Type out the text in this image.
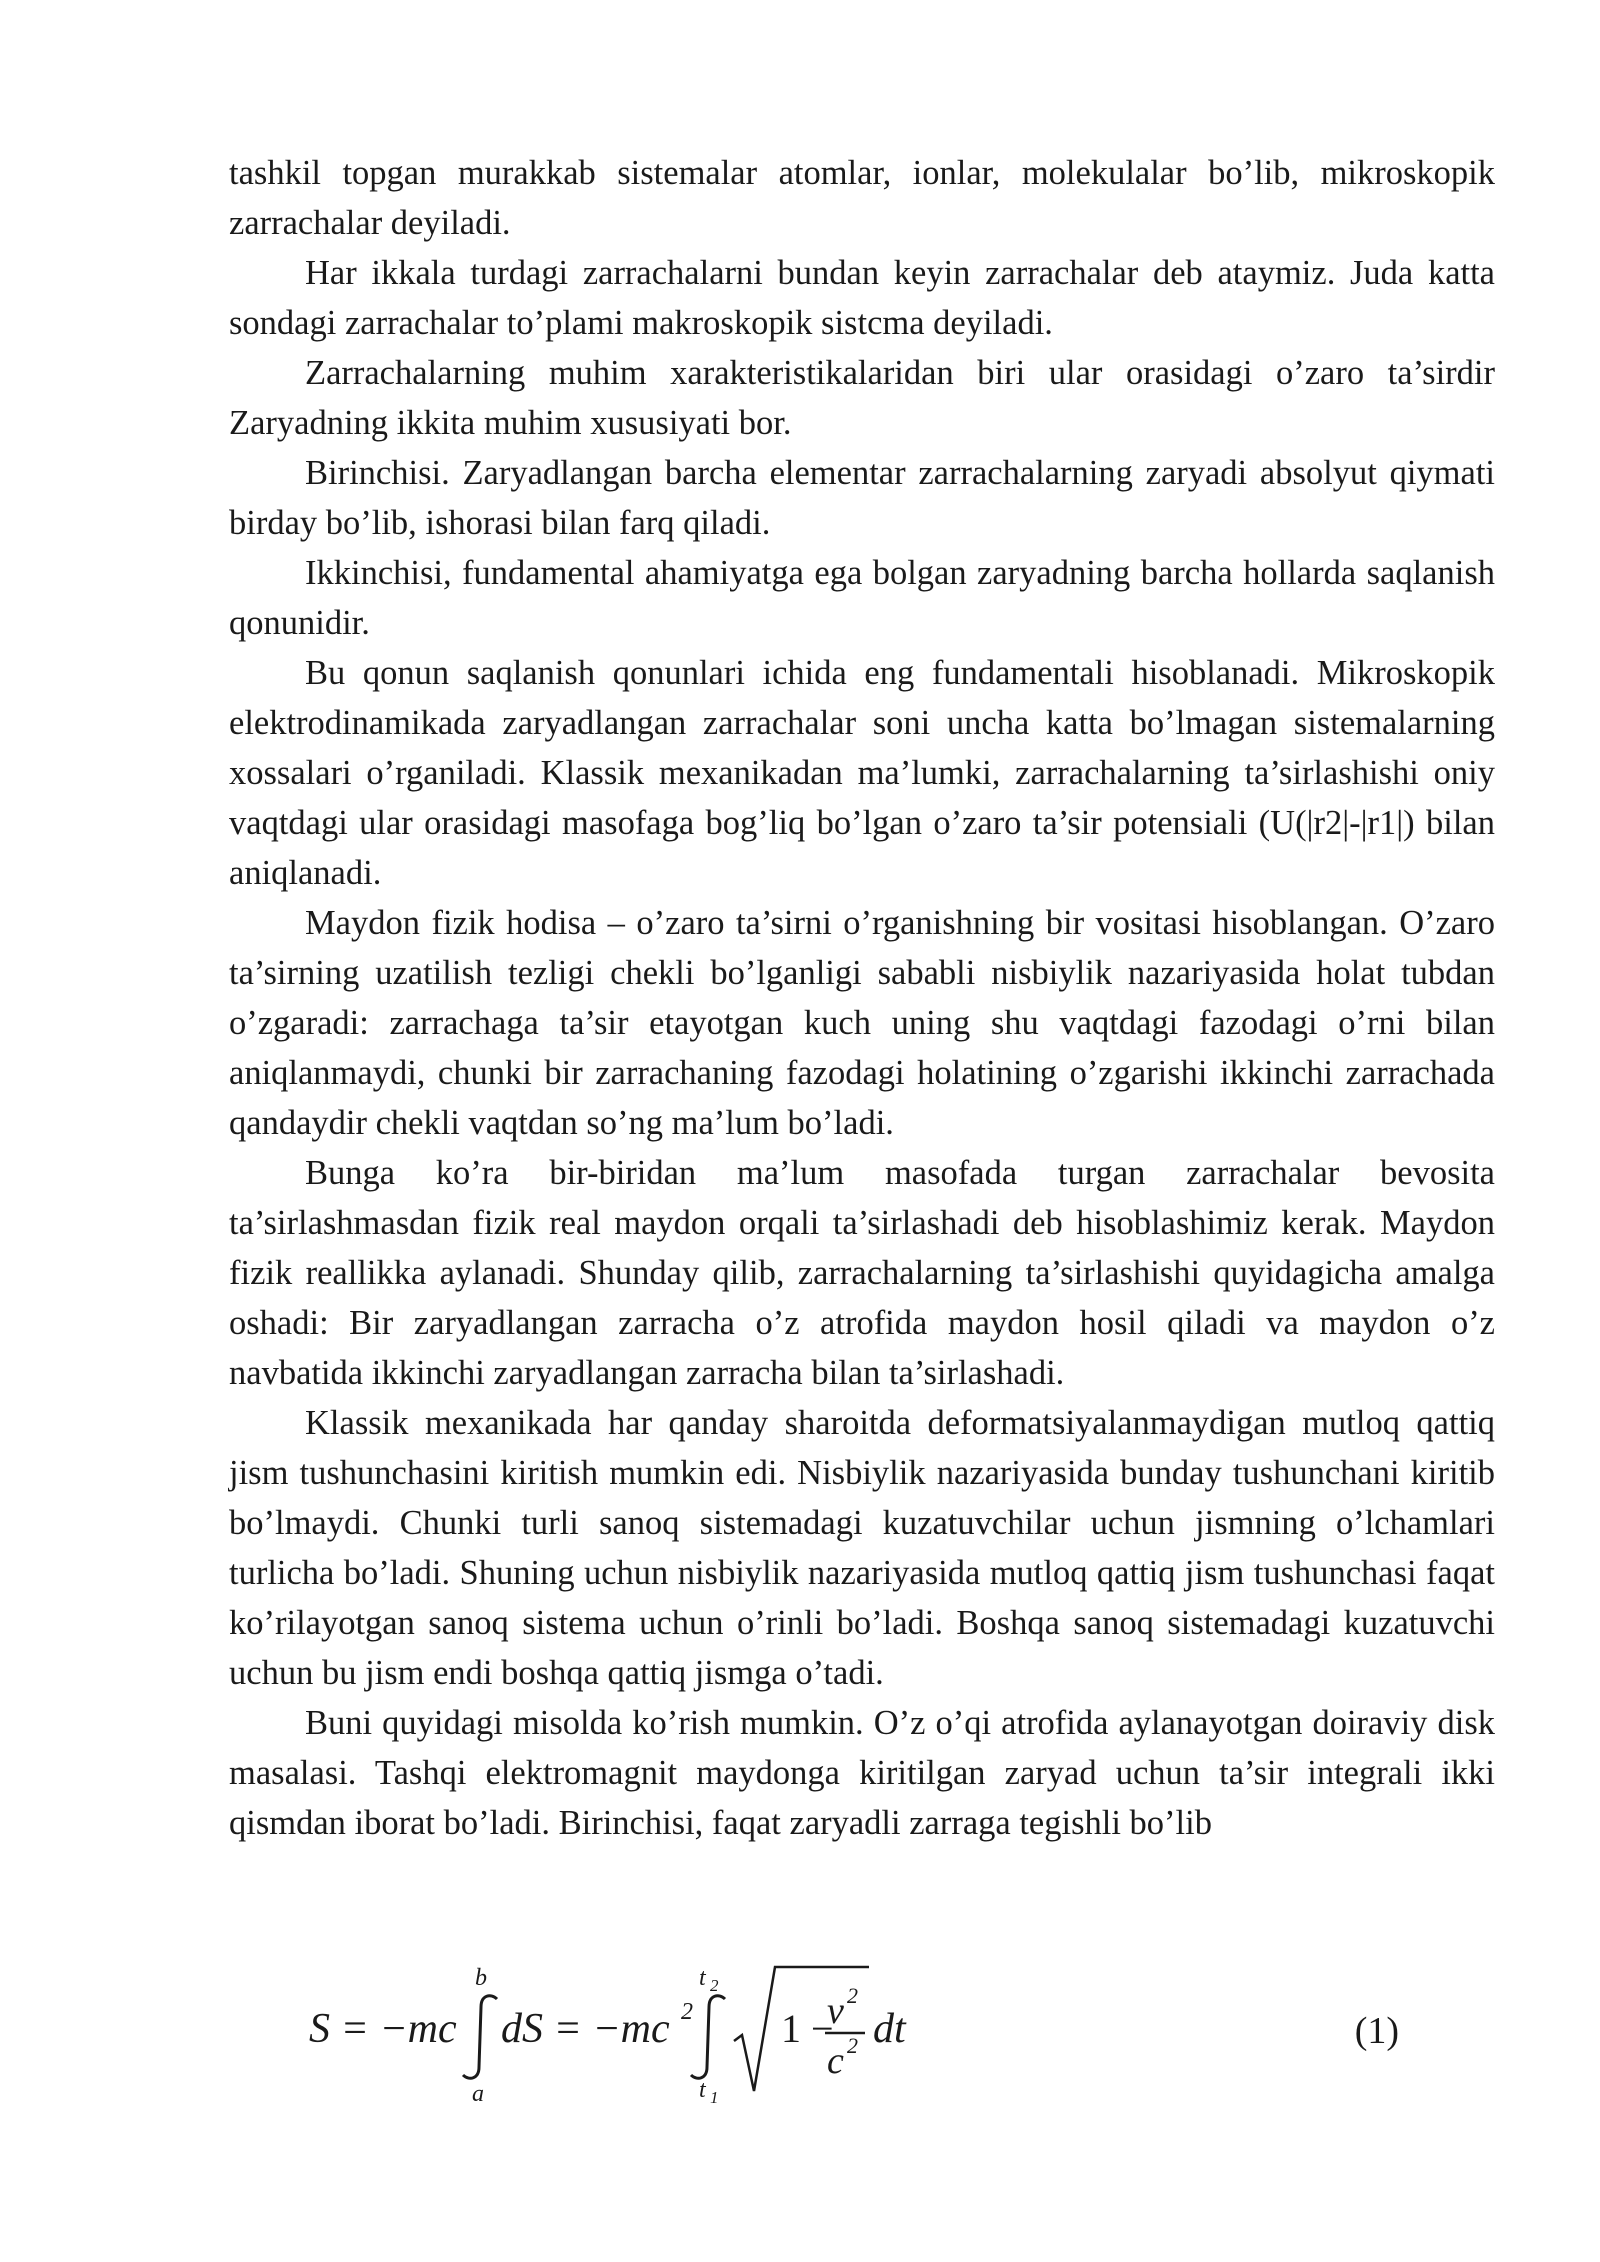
tashkil topgan murakkab sistemalar atomlar, ionlar, molekulalar bo’lib, mikroskopik zarrachalar deyiladi.

Har ikkala turdagi zarrachalarni bundan keyin zarrachalar deb ataymiz. Juda katta sondagi zarrachalar to’plami makroskopik sistcma deyiladi.

Zarrachalarning muhim xarakteristikalaridan biri ular orasidagi o’zaro ta’sirdir Zaryadning ikkita muhim xususiyati bor.

Birinchisi. Zaryadlangan barcha elementar zarrachalarning zaryadi absolyut qiymati birday bo’lib, ishorasi bilan farq qiladi.

Ikkinchisi, fundamental ahamiyatga ega bolgan zaryadning barcha hollarda saqlanish qonunidir.

Bu qonun saqlanish qonunlari ichida eng fundamentali hisoblanadi. Mikroskopik elektrodinamikada zaryadlangan zarrachalar soni uncha katta bo’lmagan sistemalarning xossalari o’rganiladi. Klassik mexanikadan ma’lumki, zarrachalarning ta’sirlashishi oniy vaqtdagi ular orasidagi masofaga bog’liq bo’lgan o’zaro ta’sir potensiali (U(|r2|-|r1|) bilan aniqlanadi.

Maydon fizik hodisa – o’zaro ta’sirni o’rganishning bir vositasi hisoblangan. O’zaro ta’sirning uzatilish tezligi chekli bo’lganligi sababli nisbiylik nazariyasida holat tubdan o’zgaradi: zarrachaga ta’sir etayotgan kuch uning shu vaqtdagi fazodagi o’rni bilan aniqlanmaydi, chunki bir zarrachaning fazodagi holatining o’zgarishi ikkinchi zarrachada qandaydir chekli vaqtdan so’ng ma’lum bo’ladi.

Bunga ko’ra bir-biridan ma’lum masofada turgan zarrachalar bevosita ta’sirlashmasdan fizik real maydon orqali ta’sirlashadi deb hisoblashimiz kerak. Maydon fizik reallikka aylanadi. Shunday qilib, zarrachalarning ta’sirlashishi quyidagicha amalga oshadi: Bir zaryadlangan zarracha o’z atrofida maydon hosil qiladi va maydon o’z navbatida ikkinchi zaryadlangan zarracha bilan ta’sirlashadi.

Klassik mexanikada har qanday sharoitda deformatsiyalanmaydigan mutloq qattiq jism tushunchasini kiritish mumkin edi. Nisbiylik nazariyasida bunday tushunchani kiritib bo’lmaydi. Chunki turli sanoq sistemadagi kuzatuvchilar uchun jismning o’lchamlari turlicha bo’ladi. Shuning uchun nisbiylik nazariyasida mutloq qattiq jism tushunchasi faqat ko’rilayotgan sanoq sistema uchun o’rinli bo’ladi. Boshqa sanoq sistemadagi kuzatuvchi uchun bu jism endi boshqa qattiq jismga o’tadi.

Buni quyidagi misolda ko’rish mumkin. O’z o’qi atrofida aylanayotgan doiraviy disk masalasi. Tashqi elektromagnit maydonga kiritilgan zaryad uchun ta’sir integrali ikki qismdan iborat bo’ladi. Birinchisi, faqat zaryadli zarraga tegishli bo’lib

S = −mc
b
a
dS = −mc 2
t 2
t 1
1 −
v 2
c 2 dt	(1)
